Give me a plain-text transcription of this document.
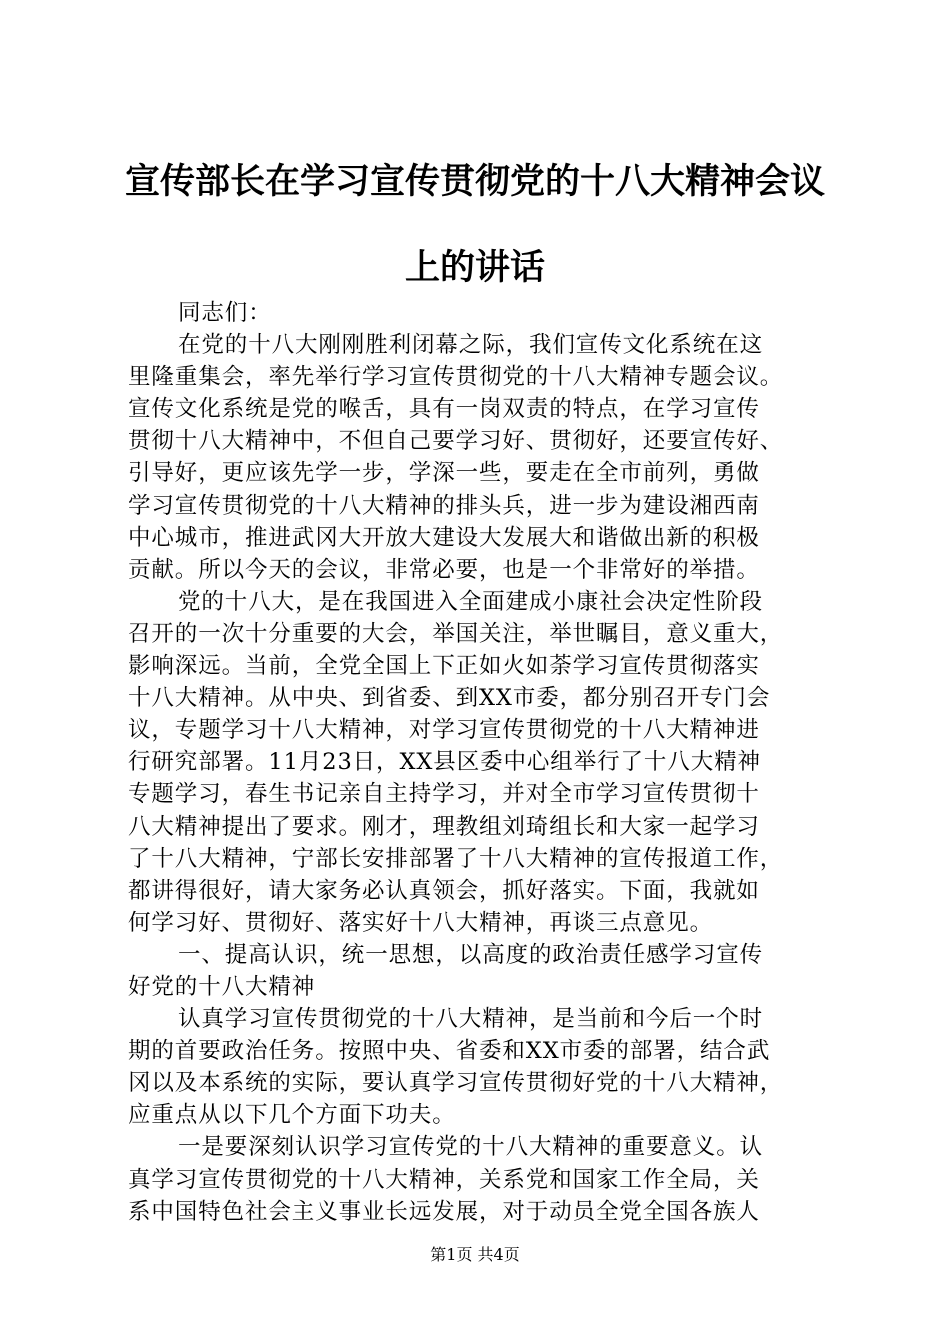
宣传部长在学习宣传贯彻党的十八大精神会议
上的讲话
同志们：
在党的十八大刚刚胜利闭幕之际，我们宣传文化系统在这
里隆重集会，率先举行学习宣传贯彻党的十八大精神专题会议。
宣传文化系统是党的喉舌，具有一岗双责的特点，在学习宣传
贯彻十八大精神中，不但自己要学习好、贯彻好，还要宣传好、
引导好，更应该先学一步，学深一些，要走在全市前列，勇做
学习宣传贯彻党的十八大精神的排头兵，进一步为建设湘西南
中心城市，推进武冈大开放大建设大发展大和谐做出新的积极
贡献。所以今天的会议，非常必要，也是一个非常好的举措。
党的十八大，是在我国进入全面建成小康社会决定性阶段
召开的一次十分重要的大会，举国关注，举世瞩目，意义重大，
影响深远。当前，全党全国上下正如火如荼学习宣传贯彻落实
十八大精神。从中央、到省委、到XX市委，都分别召开专门会
议，专题学习十八大精神，对学习宣传贯彻党的十八大精神进
行研究部署。11月23日，XX县区委中心组举行了十八大精神
专题学习，春生书记亲自主持学习，并对全市学习宣传贯彻十
八大精神提出了要求。刚才，理教组刘琦组长和大家一起学习
了十八大精神，宁部长安排部署了十八大精神的宣传报道工作，
都讲得很好，请大家务必认真领会，抓好落实。下面，我就如
何学习好、贯彻好、落实好十八大精神，再谈三点意见。
一、提高认识，统一思想，以高度的政治责任感学习宣传
好党的十八大精神
认真学习宣传贯彻党的十八大精神，是当前和今后一个时
期的首要政治任务。按照中央、省委和XX市委的部署，结合武
冈以及本系统的实际，要认真学习宣传贯彻好党的十八大精神，
应重点从以下几个方面下功夫。
一是要深刻认识学习宣传党的十八大精神的重要意义。认
真学习宣传贯彻党的十八大精神，关系党和国家工作全局，关
系中国特色社会主义事业长远发展，对于动员全党全国各族人
第1页 共4页
